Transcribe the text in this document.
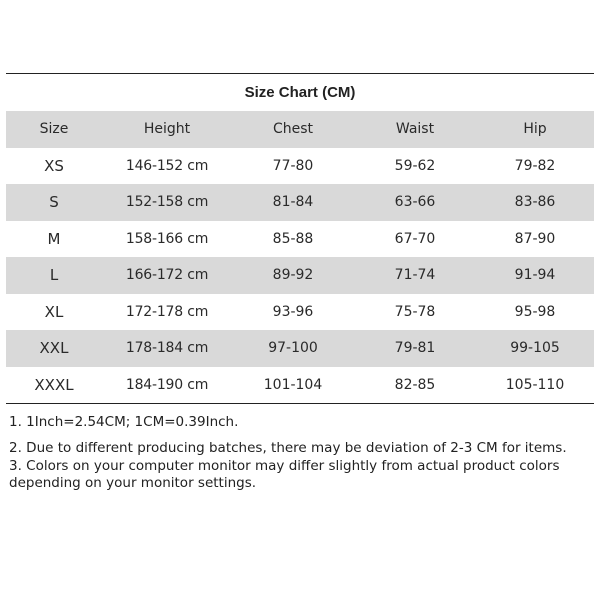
Size Chart (CM)
Size	Height	Chest	Waist	Hip
XS	146-152 cm	77-80	59-62	79-82
S	152-158 cm	81-84	63-66	83-86
M	158-166 cm	85-88	67-70	87-90
L	166-172 cm	89-92	71-74	91-94
XL	172-178 cm	93-96	75-78	95-98
XXL	178-184 cm	97-100	79-81	99-105
XXXL	184-190 cm	101-104	82-85	105-110

1. 1Inch=2.54CM; 1CM=0.39Inch.

2. Due to different producing batches, there may be deviation of 2-3 CM for items.

3. Colors on your computer monitor may differ slightly from actual product colors depending on your monitor settings.
